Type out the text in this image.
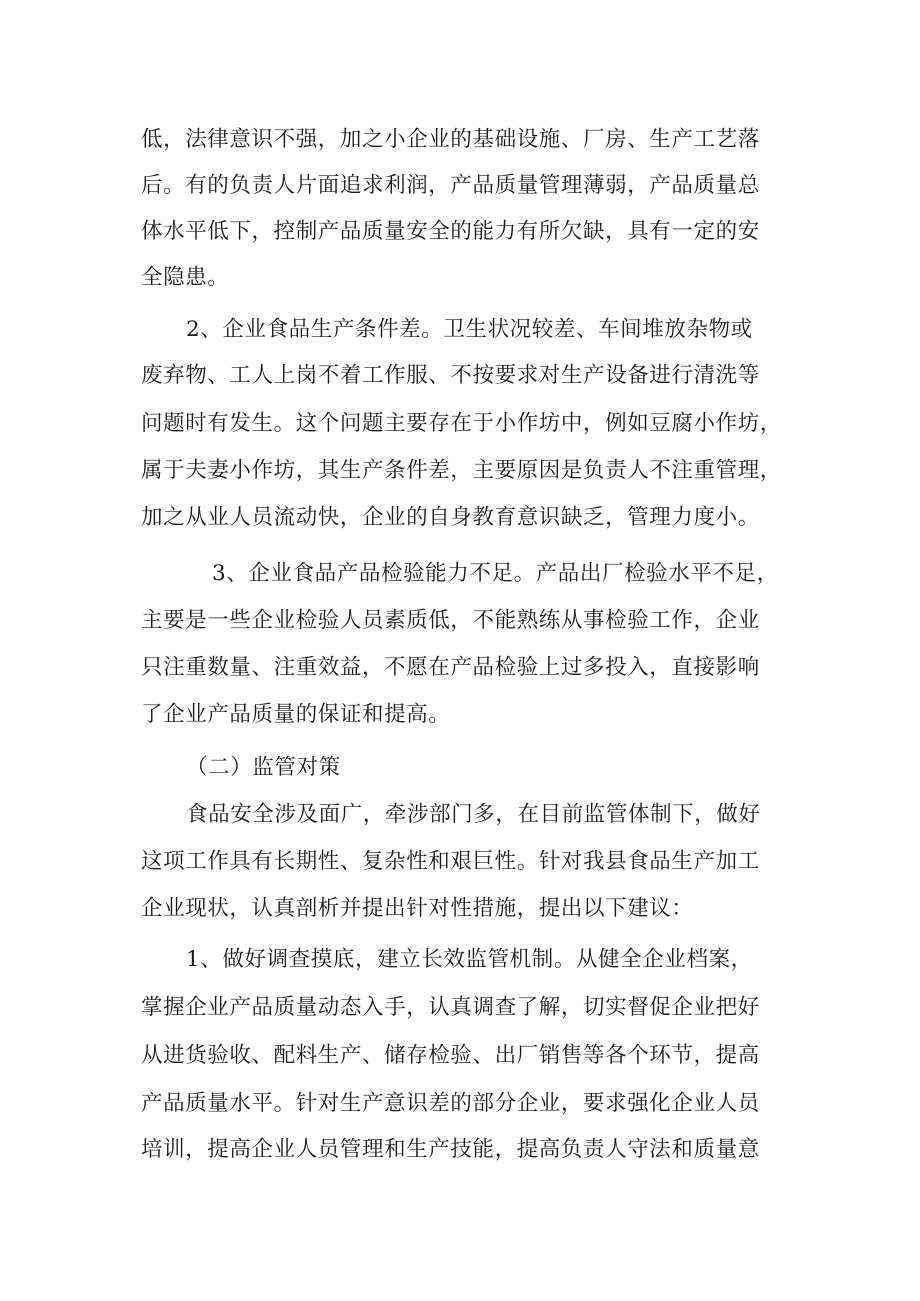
低，法律意识不强，加之小企业的基础设施、厂房、生产工艺落
后。有的负责人片面追求利润，产品质量管理薄弱，产品质量总
体水平低下，控制产品质量安全的能力有所欠缺，具有一定的安
全隐患。
2、企业食品生产条件差。卫生状况较差、车间堆放杂物或
废弃物、工人上岗不着工作服、不按要求对生产设备进行清洗等
问题时有发生。这个问题主要存在于小作坊中，例如豆腐小作坊，
属于夫妻小作坊，其生产条件差，主要原因是负责人不注重管理，
加之从业人员流动快，企业的自身教育意识缺乏，管理力度小。
3、企业食品产品检验能力不足。产品出厂检验水平不足，
主要是一些企业检验人员素质低，不能熟练从事检验工作，企业
只注重数量、注重效益，不愿在产品检验上过多投入，直接影响
了企业产品质量的保证和提高。
（二）监管对策
食品安全涉及面广，牵涉部门多，在目前监管体制下，做好
这项工作具有长期性、复杂性和艰巨性。针对我县食品生产加工
企业现状，认真剖析并提出针对性措施，提出以下建议：
1、做好调查摸底，建立长效监管机制。从健全企业档案，
掌握企业产品质量动态入手，认真调查了解，切实督促企业把好
从进货验收、配料生产、储存检验、出厂销售等各个环节，提高
产品质量水平。针对生产意识差的部分企业，要求强化企业人员
培训，提高企业人员管理和生产技能，提高负责人守法和质量意
